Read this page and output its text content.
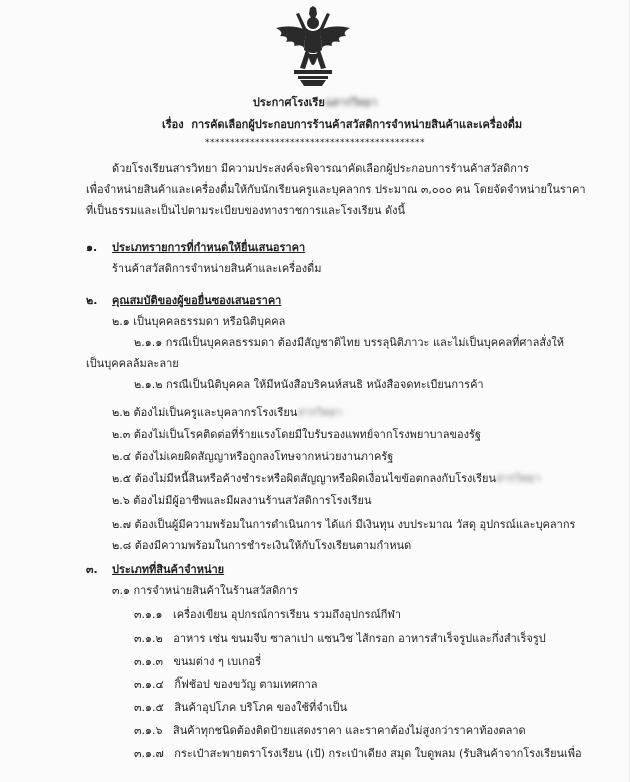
ประกาศโรงเรียนสารวิทยา
เรื่อง การคัดเลือกผู้ประกอบการร้านค้าสวัสดิการจำหน่ายสินค้าและเครื่องดื่ม
********************************************
ด้วยโรงเรียนสารวิทยา มีความประสงค์จะพิจารณาคัดเลือกผู้ประกอบการร้านค้าสวัสดิการ
เพื่อจำหน่ายสินค้าและเครื่องดื่มให้กับนักเรียนครูและบุคลากร ประมาณ ๓,๐๐๐ คน โดยจัดจำหน่ายในราคา
ที่เป็นธรรมและเป็นไปตามระเบียบของทางราชการและโรงเรียน ดังนี้
๑. ประเภทรายการที่กำหนดให้ยื่นเสนอราคา
ร้านค้าสวัสดิการจำหน่ายสินค้าและเครื่องดื่ม
๒. คุณสมบัติของผู้ขอยื่นซองเสนอราคา
๒.๑ เป็นบุคคลธรรมดา หรือนิติบุคคล
๒.๑.๑ กรณีเป็นบุคคลธรรมดา ต้องมีสัญชาติไทย บรรลุนิติภาวะ และไม่เป็นบุคคลที่ศาลสั่งให้
เป็นบุคคลล้มละลาย
๒.๑.๒ กรณีเป็นนิติบุคคล ให้มีหนังสือบริคนห์สนธิ หนังสือจดทะเบียนการค้า
๒.๒ ต้องไม่เป็นครูและบุคลากรโรงเรียนสารวิทยา
๒.๓ ต้องไม่เป็นโรคติดต่อที่ร้ายแรงโดยมีใบรับรองแพทย์จากโรงพยาบาลของรัฐ
๒.๔ ต้องไม่เคยผิดสัญญาหรือถูกลงโทษจากหน่วยงานภาครัฐ
๒.๕ ต้องไม่มีหนี้สินหรือค้างชำระหรือผิดสัญญาหรือผิดเงื่อนไขข้อตกลงกับโรงเรียนสารวิทยา
๒.๖ ต้องไม่มีผู้อาชีพและมีผลงานร้านสวัสดิการโรงเรียน
๒.๗ ต้องเป็นผู้มีความพร้อมในการดำเนินการ ได้แก่ มีเงินทุน งบประมาณ วัสดุ อุปกรณ์และบุคลากร
๒.๘ ต้องมีความพร้อมในการชำระเงินให้กับโรงเรียนตามกำหนด
๓. ประเภทที่สินค้าจำหน่าย
๓.๑ การจำหน่ายสินค้าในร้านสวัสดิการ
๓.๑.๑ เครื่องเขียน อุปกรณ์การเรียน รวมถึงอุปกรณ์กีฬา
๓.๑.๒ อาหาร เช่น ขนมจีบ ซาลาเปา แซนวิช ไส้กรอก อาหารสำเร็จรูปและกึ่งสำเร็จรูป
๓.๑.๓ ขนมต่าง ๆ เบเกอรี่
๓.๑.๔ กิ๊ฟช้อป ของขวัญ ตามเทศกาล
๓.๑.๕ สินค้าอุปโภค บริโภค ของใช้ที่จำเป็น
๓.๑.๖ สินค้าทุกชนิดต้องติดป้ายแสดงราคา และราคาต้องไม่สูงกว่าราคาท้องตลาด
๓.๑.๗ กระเป๋าสะพายตราโรงเรียน (เป้) กระเป๋าเดียง สมุด ใบดูพลม (รับสินค้าจากโรงเรียนเพื่อ
